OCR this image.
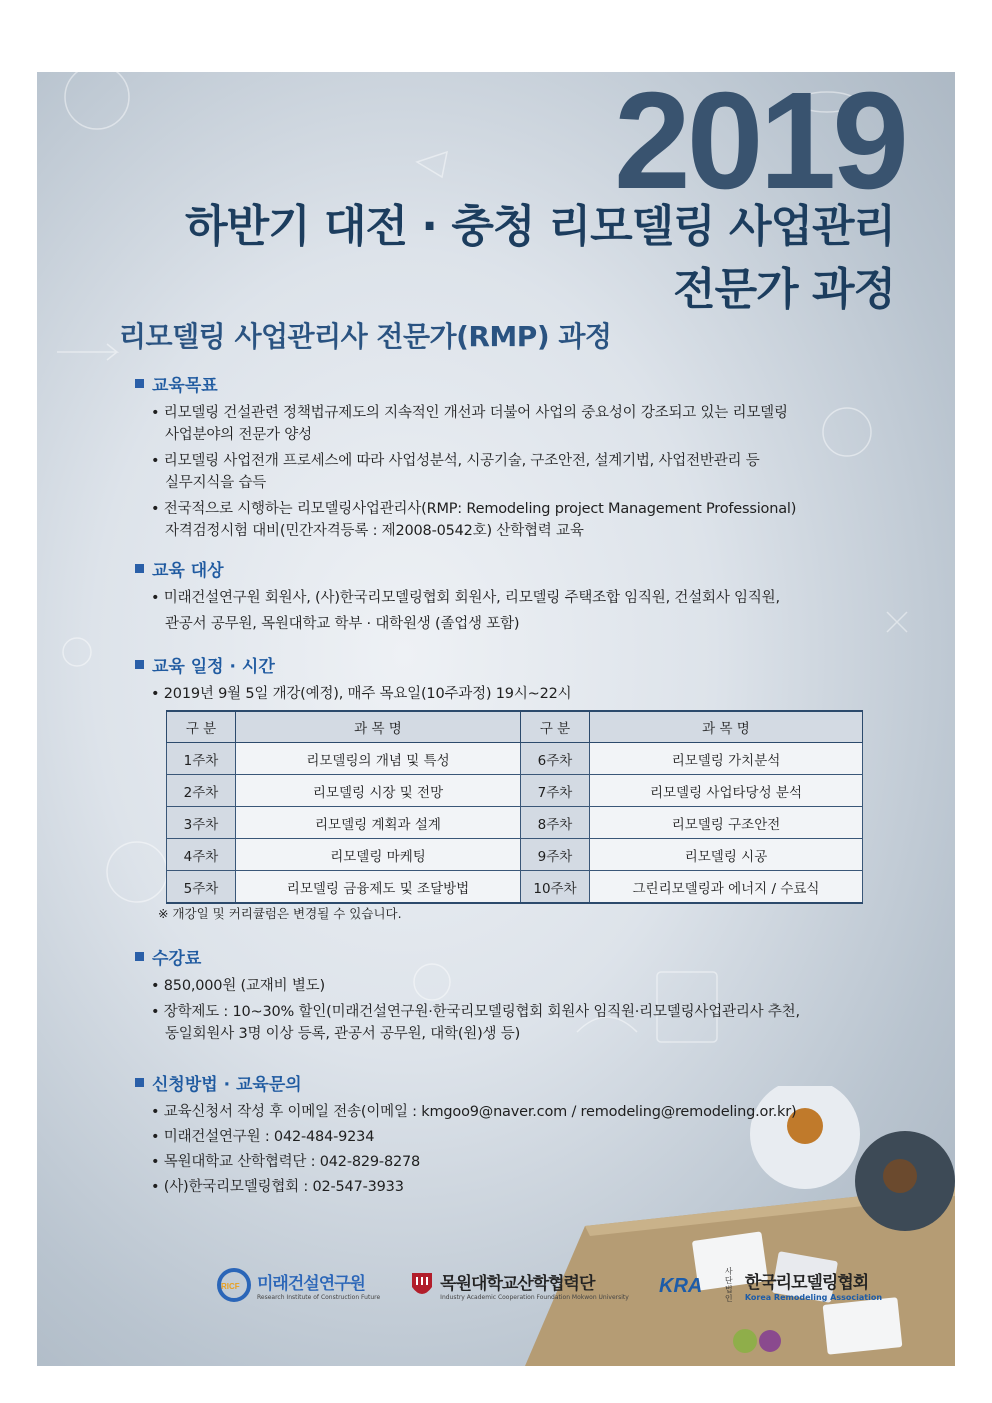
2019
하반기 대전 · 충청 리모델링 사업관리
전문가 과정
리모델링 사업관리사 전문가(RMP) 과정
교육목표
• 리모델링 건설관련 정책법규제도의 지속적인 개선과 더불어 사업의 중요성이 강조되고 있는 리모델링
사업분야의 전문가 양성
• 리모델링 사업전개 프로세스에 따라 사업성분석, 시공기술, 구조안전, 설계기법, 사업전반관리 등
실무지식을 습득
• 전국적으로 시행하는 리모델링사업관리사(RMP: Remodeling project Management Professional)
자격검정시험 대비(민간자격등록 : 제2008-0542호) 산학협력 교육
교육 대상
• 미래건설연구원 회원사, (사)한국리모델링협회 회원사, 리모델링 주택조합 임직원, 건설회사 임직원,
관공서 공무원, 목원대학교 학부 · 대학원생 (졸업생 포함)
교육 일정 · 시간
• 2019년 9월 5일 개강(예정), 매주 목요일(10주과정) 19시~22시
구 분	과 목 명	구 분	과 목 명
1주차	리모델링의 개념 및 특성	6주차	리모델링 가치분석
2주차	리모델링 시장 및 전망	7주차	리모델링 사업타당성 분석
3주차	리모델링 계획과 설계	8주차	리모델링 구조안전
4주차	리모델링 마케팅	9주차	리모델링 시공
5주차	리모델링 금융제도 및 조달방법	10주차	그린리모델링과 에너지 / 수료식
※ 개강일 및 커리큘럼은 변경될 수 있습니다.
수강료
• 850,000원 (교재비 별도)
• 장학제도 : 10~30% 할인(미래건설연구원·한국리모델링협회 회원사 임직원·리모델링사업관리사 추천,
동일회원사 3명 이상 등록, 관공서 공무원, 대학(원)생 등)
신청방법 · 교육문의
• 교육신청서 작성 후 이메일 전송(이메일 : kmgoo9@naver.com / remodeling@remodeling.or.kr)
• 미래건설연구원 : 042-484-9234
• 목원대학교 산학협력단 : 042-829-8278
• (사)한국리모델링협회 : 02-547-3933
RICF 미래건설연구원
Research Institute of Construction Future
목원대학교산학협력단
Industry Academic Cooperation Foundation Mokwon University
KRA
사단법인
한국리모델링협회
Korea Remodeling Association
